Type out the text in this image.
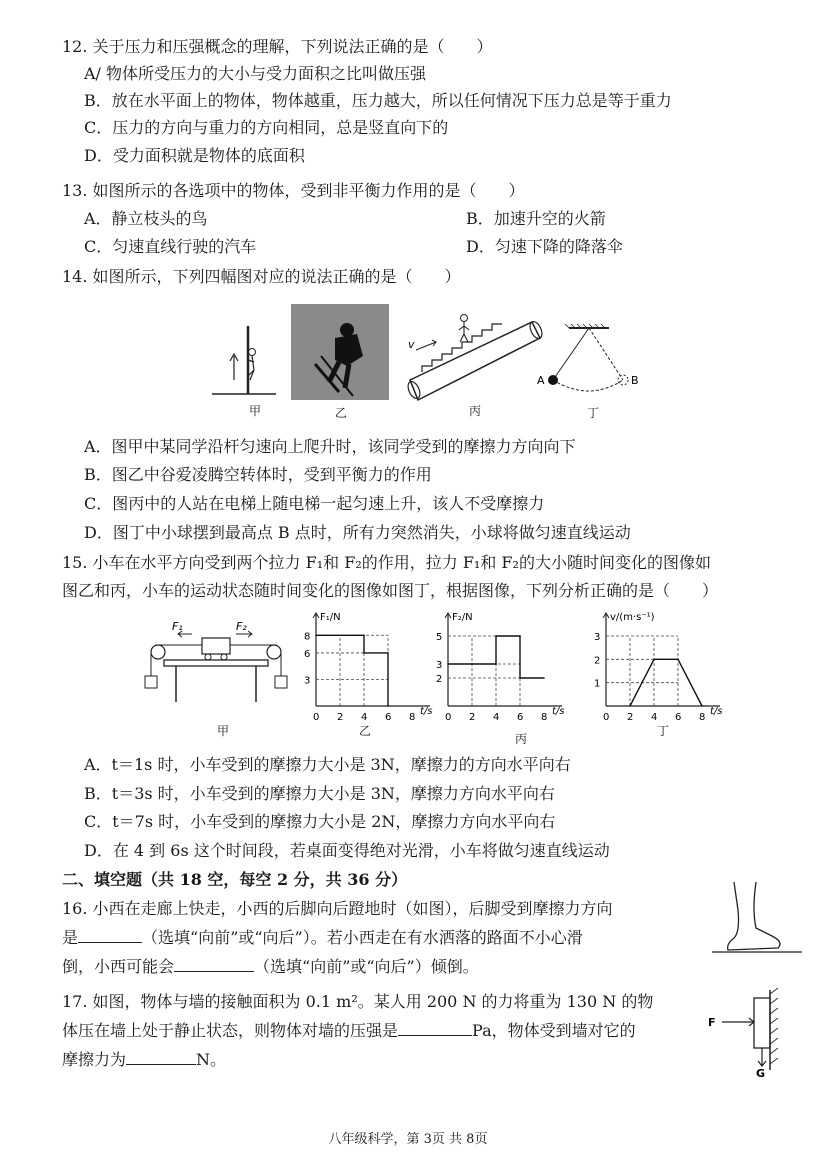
12. 关于压力和压强概念的理解，下列说法正确的是（　　）
A/ 物体所受压力的大小与受力面积之比叫做压强
B．放在水平面上的物体，物体越重，压力越大，所以任何情况下压力总是等于重力
C．压力的方向与重力的方向相同，总是竖直向下的
D．受力面积就是物体的底面积
13. 如图所示的各选项中的物体，受到非平衡力作用的是（　　）
A．静立枝头的鸟	B．加速升空的火箭
C．匀速直线行驶的汽车	D．匀速下降的降落伞
14. 如图所示，下列四幅图对应的说法正确的是（　　）
甲	乙
v
丙
A	B
丁
A．图甲中某同学沿杆匀速向上爬升时，该同学受到的摩擦力方向向下
B．图乙中谷爱凌腾空转体时，受到平衡力的作用
C．图丙中的人站在电梯上随电梯一起匀速上升，该人不受摩擦力
D．图丁中小球摆到最高点 B 点时，所有力突然消失，小球将做匀速直线运动
15. 小车在水平方向受到两个拉力 F₁和 F₂的作用，拉力 F₁和 F₂的大小随时间变化的图像如
图乙和丙，小车的运动状态随时间变化的图像如图丁，根据图像，下列分析正确的是（　　）
F₁	F₂
甲
0 2 4 6 8
t/s
3
6
8
F₁/N
0 2 4 6 8
t/s
2
3
5
F₂/N
0 2 4 6 8
t/s
1
2
3
v/(m·s⁻¹)
A．t＝1s 时，小车受到的摩擦力大小是 3N，摩擦力的方向水平向右
B．t＝3s 时，小车受到的摩擦力大小是 3N，摩擦力方向水平向右
C．t＝7s 时，小车受到的摩擦力大小是 2N，摩擦力方向水平向右
D．在 4 到 6s 这个时间段，若桌面变得绝对光滑，小车将做匀速直线运动
二、填空题（共 18 空，每空 2 分，共 36 分）
16. 小西在走廊上快走，小西的后脚向后蹬地时（如图），后脚受到摩擦力方向
是	（选填“向前”或“向后”）。若小西走在有水洒落的路面不小心滑
倒，小西可能会	（选填“向前”或“向后”）倾倒。
17. 如图，物体与墙的接触面积为 0.1 m²。某人用 200 N 的力将重为 130 N 的物
体压在墙上处于静止状态，则物体对墙的压强是	Pa，物体受到墙对它的
摩擦力为	N。
F
G
八年级科学，第 3页 共 8页
乙
丙
丁
